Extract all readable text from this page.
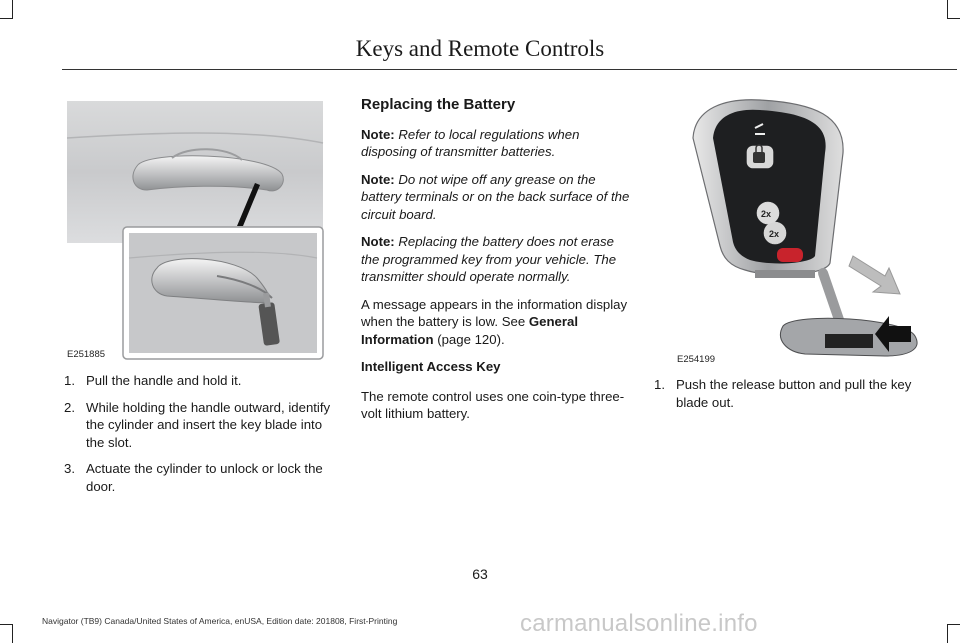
Keys and Remote Controls
E251885
1. Pull the handle and hold it.
2. While holding the handle outward, identify the cylinder and insert the key blade into the slot.
3. Actuate the cylinder to unlock or lock the door.
Replacing the Battery

Note: Refer to local regulations when disposing of transmitter batteries.

Note: Do not wipe off any grease on the battery terminals or on the back surface of the circuit board.

Note: Replacing the battery does not erase the programmed key from your vehicle. The transmitter should operate normally.

A message appears in the information display when the battery is low. See General Information (page 120).

Intelligent Access Key

The remote control uses one coin-type three-volt lithium battery.

2x
2x
E254199
1. Push the release button and pull the key blade out.
63
Navigator (TB9) Canada/United States of America, enUSA, Edition date: 201808, First-Printing	carmanualsonline.info
